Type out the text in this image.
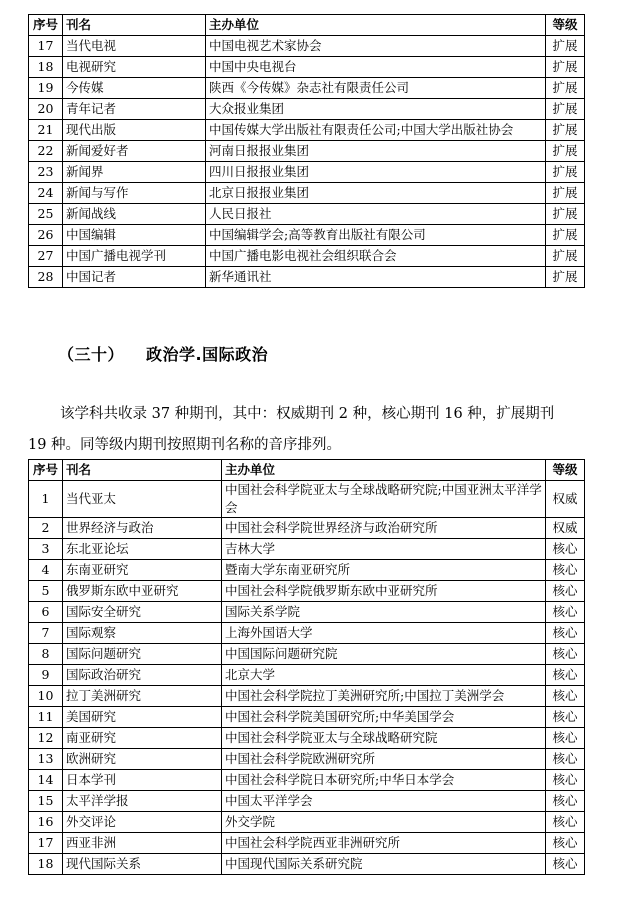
序号	刊名	主办单位	等级
17	当代电视	中国电视艺术家协会	扩展
18	电视研究	中国中央电视台	扩展
19	今传媒	陕西《今传媒》杂志社有限责任公司	扩展
20	青年记者	大众报业集团	扩展
21	现代出版	中国传媒大学出版社有限责任公司;中国大学出版社协会	扩展
22	新闻爱好者	河南日报报业集团	扩展
23	新闻界	四川日报报业集团	扩展
24	新闻与写作	北京日报报业集团	扩展
25	新闻战线	人民日报社	扩展
26	中国编辑	中国编辑学会;高等教育出版社有限公司	扩展
27	中国广播电视学刊	中国广播电影电视社会组织联合会	扩展
28	中国记者	新华通讯社	扩展
（三十） 政治学.国际政治
该学科共收录 37 种期刊，其中：权威期刊 2 种，核心期刊 16 种，扩展期刊
19 种。同等级内期刊按照期刊名称的音序排列。
序号	刊名	主办单位	等级
1	当代亚太	中国社会科学院亚太与全球战略研究院;中国亚洲太平洋学会	权威
2	世界经济与政治	中国社会科学院世界经济与政治研究所	权威
3	东北亚论坛	吉林大学	核心
4	东南亚研究	暨南大学东南亚研究所	核心
5	俄罗斯东欧中亚研究	中国社会科学院俄罗斯东欧中亚研究所	核心
6	国际安全研究	国际关系学院	核心
7	国际观察	上海外国语大学	核心
8	国际问题研究	中国国际问题研究院	核心
9	国际政治研究	北京大学	核心
10	拉丁美洲研究	中国社会科学院拉丁美洲研究所;中国拉丁美洲学会	核心
11	美国研究	中国社会科学院美国研究所;中华美国学会	核心
12	南亚研究	中国社会科学院亚太与全球战略研究院	核心
13	欧洲研究	中国社会科学院欧洲研究所	核心
14	日本学刊	中国社会科学院日本研究所;中华日本学会	核心
15	太平洋学报	中国太平洋学会	核心
16	外交评论	外交学院	核心
17	西亚非洲	中国社会科学院西亚非洲研究所	核心
18	现代国际关系	中国现代国际关系研究院	核心
